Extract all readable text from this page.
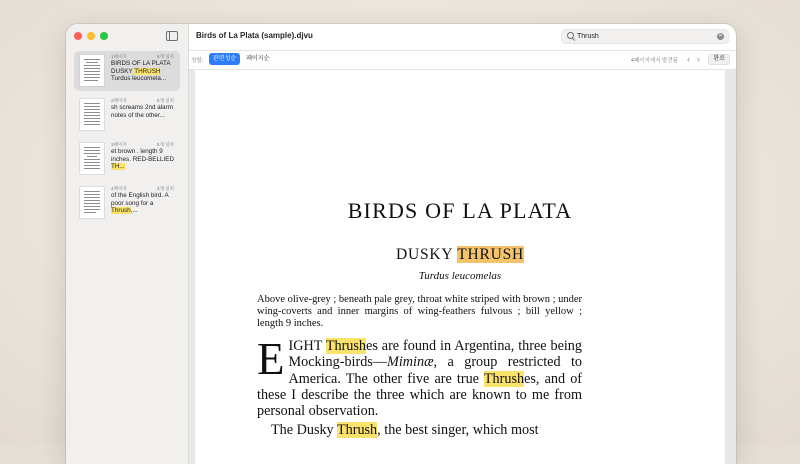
1페이지	6개 일치
BIRDS OF LA PLATA DUSKY THRUSH Turdus leucomela...
2페이지	5개 일치
sh screams 2nd alarm notes of the other...
3페이지	5개 일치
et brown . length 9 inches. RED-BELLIED TH...
4페이지	3개 일치
of the English bird. A poor song for a Thrush,...
Birds of La Plata (sample).djvu
Thrush	✕
정렬:	관련성순	페이지순	4페이지에서 발견됨 ‹ ›	완료
BIRDS OF LA PLATA
DUSKY THRUSH
Turdus leucomelas
Above olive-grey ; beneath pale grey, throat white striped with brown ; under wing-coverts and inner margins of wing-feathers fulvous ; bill yellow ; length 9 inches.
EIGHT Thrushes are found in Argentina, three being Mocking-birds—Miminæ, a group restricted to America. The other five are true Thrushes, and of these I describe the three which are known to me from personal observation.
The Dusky Thrush, the best singer, which most
